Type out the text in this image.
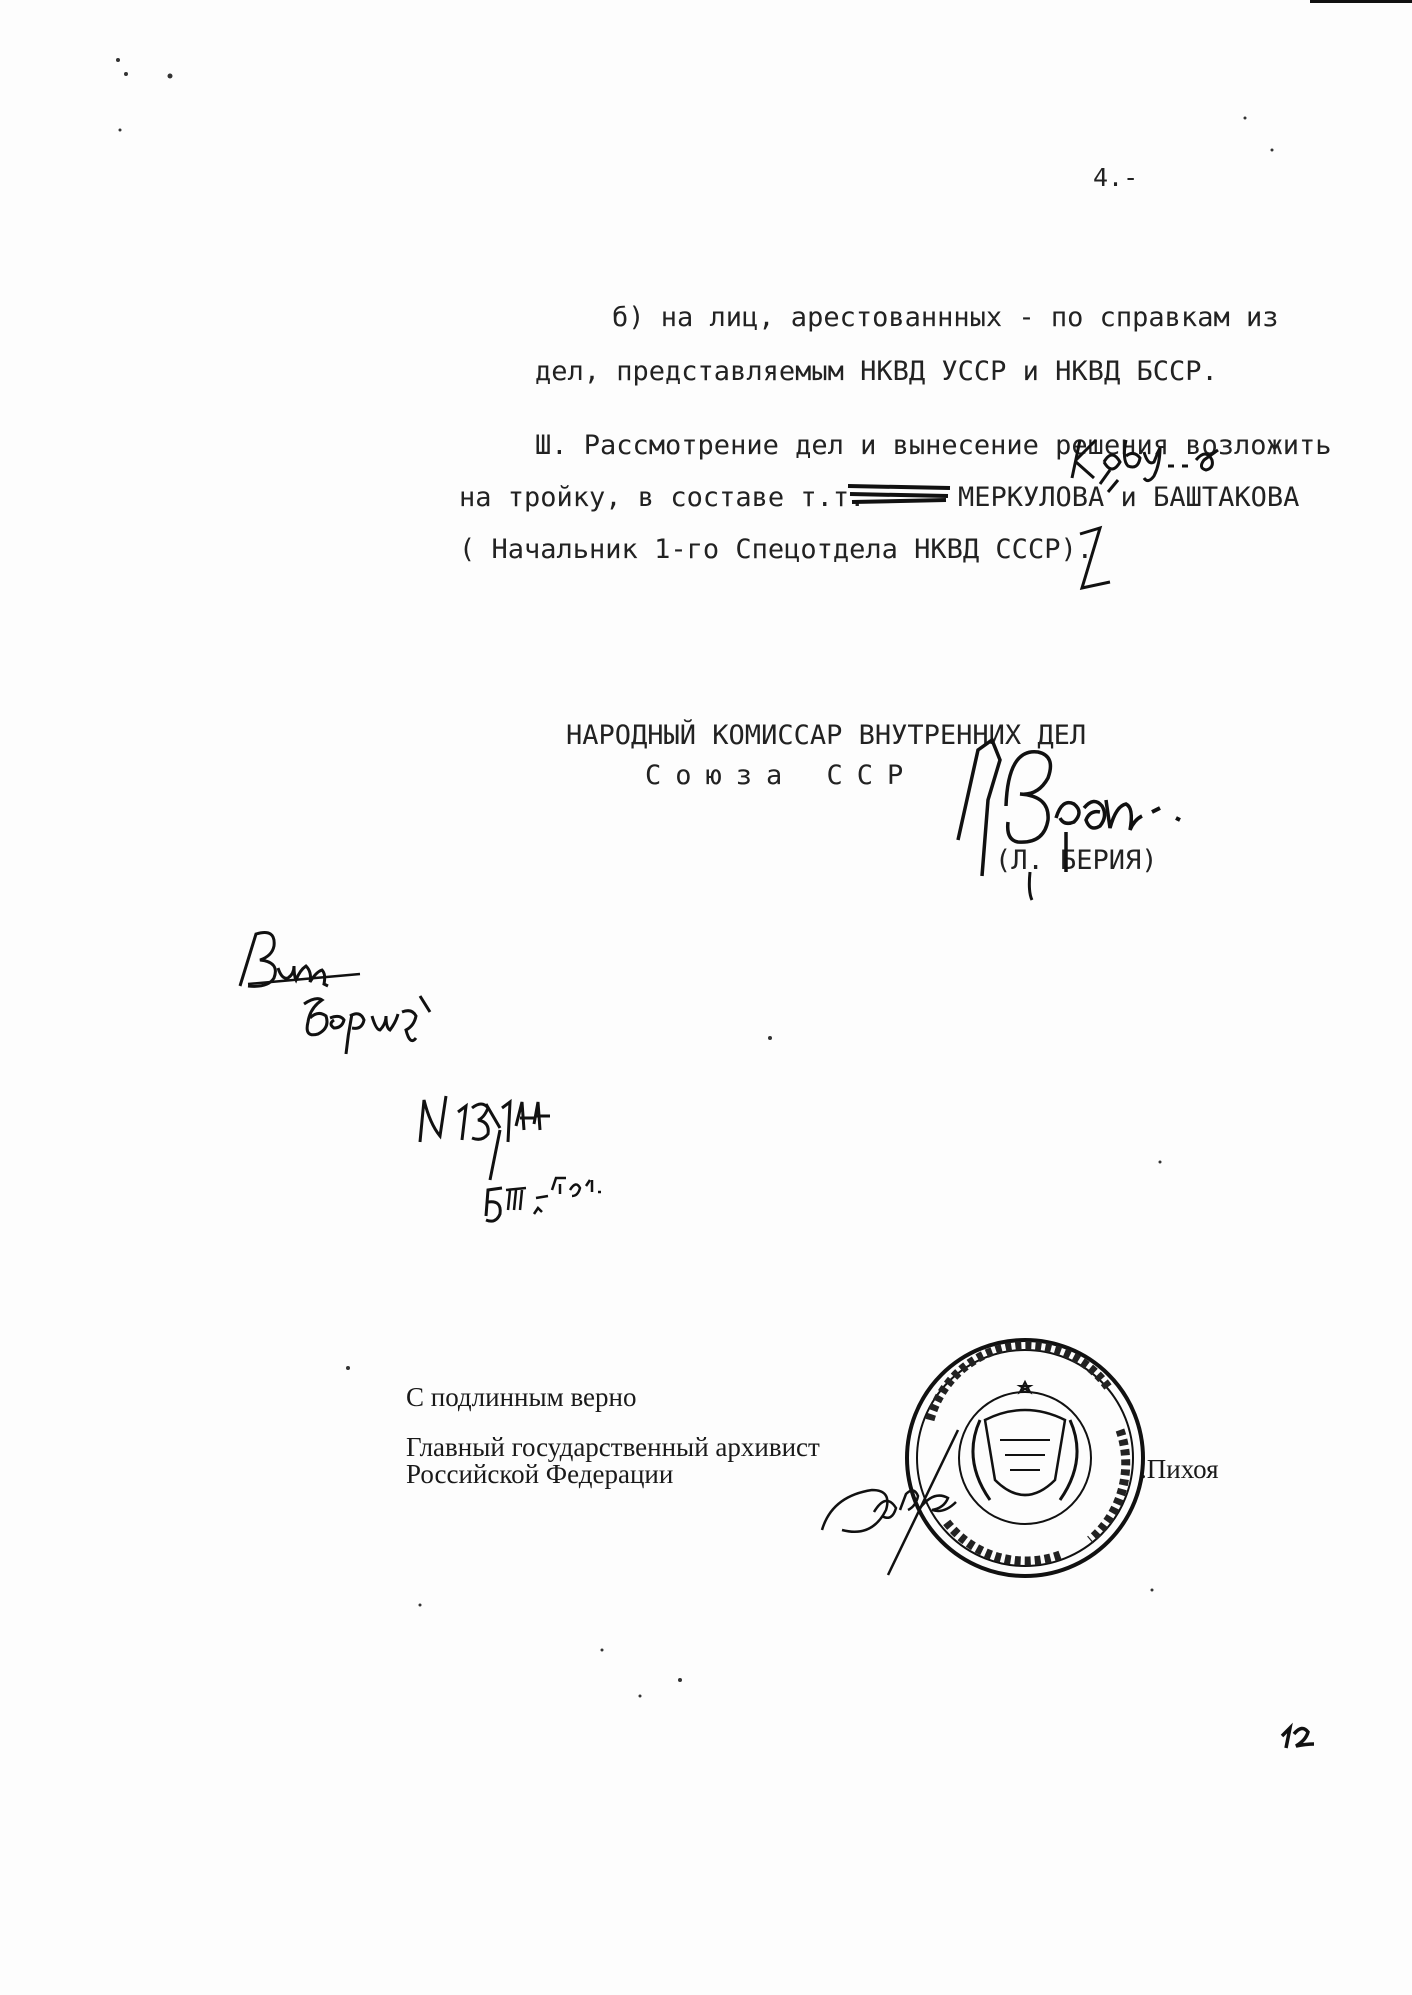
4.-
б) на лиц, арестованнных - по справкам из
дел, представляемым НКВД УССР и НКВД БССР.
Ш. Рассмотрение дел и вынесение решения возложить
на тройку, в составе т.т.	МЕРКУЛОВА и БАШТАКОВА
( Начальник 1-го Спецотдела НКВД СССР).
НАРОДНЫЙ КОМИССАР ВНУТРЕННИХ ДЕЛ
Союза ССР
(Л. БЕРИЯ)
С подлинным верно
Главный государственный архивист
Российской Федерации	.Пихоя
